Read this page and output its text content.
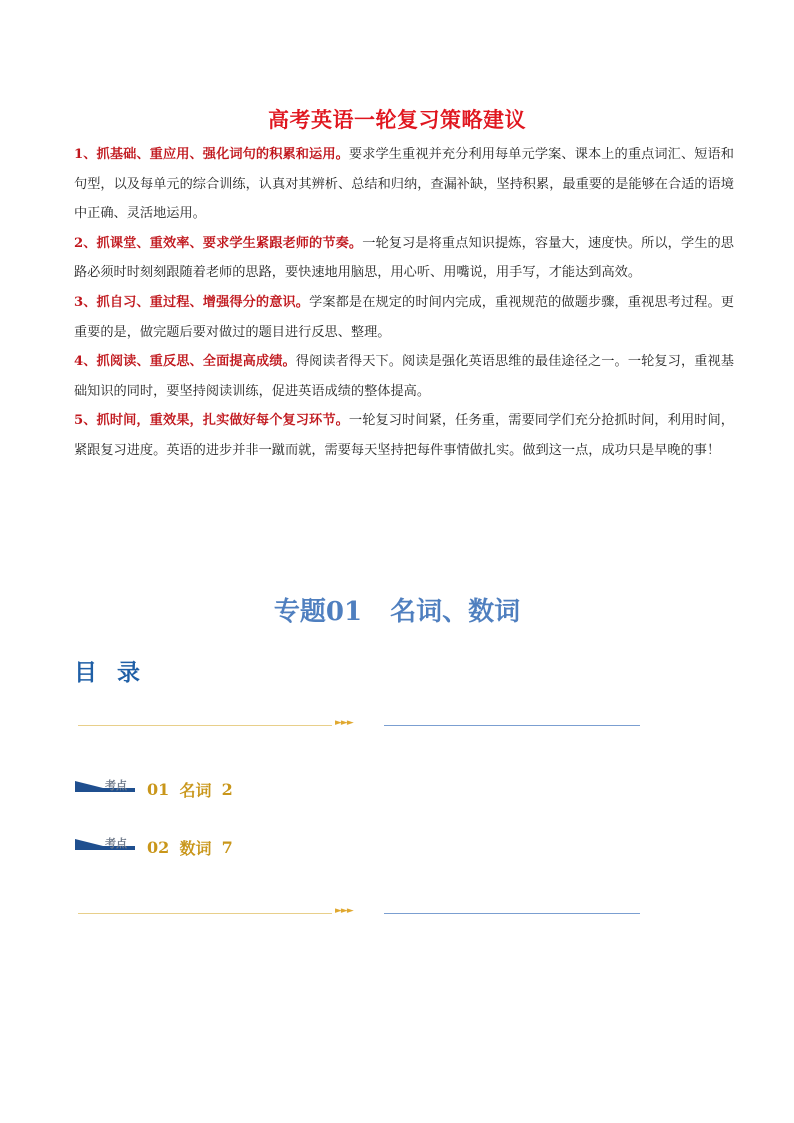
高考英语一轮复习策略建议

1、抓基础、重应用、强化词句的积累和运用。要求学生重视并充分利用每单元学案、课本上的重点词汇、短语和句型，以及每单元的综合训练，认真对其辨析、总结和归纳，查漏补缺，坚持积累，最重要的是能够在合适的语境中正确、灵活地运用。

2、抓课堂、重效率、要求学生紧跟老师的节奏。一轮复习是将重点知识提炼，容量大，速度快。所以，学生的思路必须时时刻刻跟随着老师的思路，要快速地用脑思，用心听、用嘴说，用手写，才能达到高效。

3、抓自习、重过程、增强得分的意识。学案都是在规定的时间内完成，重视规范的做题步骤，重视思考过程。更重要的是，做完题后要对做过的题目进行反思、整理。

4、抓阅读、重反思、全面提高成绩。得阅读者得天下。阅读是强化英语思维的最佳途径之一。一轮复习，重视基础知识的同时，要坚持阅读训练，促进英语成绩的整体提高。

5、抓时间，重效果，扎实做好每个复习环节。一轮复习时间紧，任务重，需要同学们充分抢抓时间，利用时间，紧跟复习进度。英语的进步并非一蹴而就，需要每天坚持把每件事情做扎实。做到这一点，成功只是早晚的事！

专题01 名词、数词
目 录
►►►
考点 01
名词
2
考点 02
数词
7
►►►
